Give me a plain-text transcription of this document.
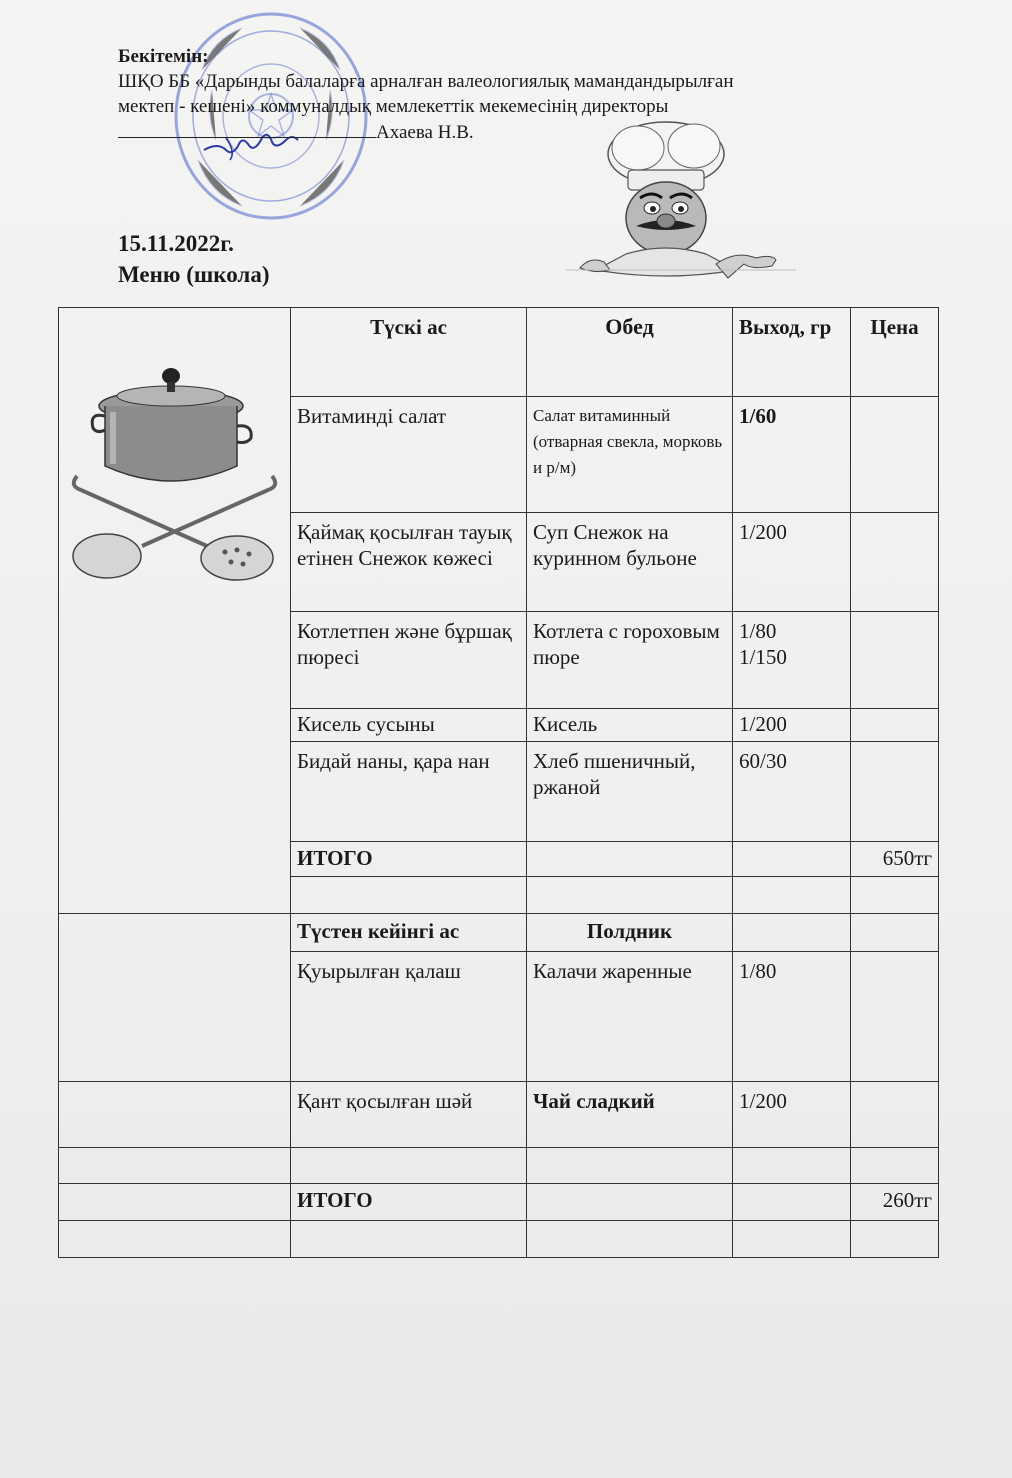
Бекітемін:
ШҚО ББ «Дарынды балаларға арналған валеологиялық мамандандырылған
мектеп - кешені» коммуналдық мемлекеттік мекемесінің директоры
Ахаева Н.В.
15.11.2022г.
Меню (школа)
	Түскі ас	Обед	Выход, гр	Цена
	Витаминді салат	Салат витаминный (отварная свекла, морковь и р/м)	1/60	
	Қаймақ қосылған тауық етінен Снежок көжесі	Суп Снежок на куринном бульоне	1/200	
	Котлетпен және бұршақ пюресі	Котлета с гороховым пюре	1/80
1/150	

	Кисель сусыны	Кисель	1/200	
	Бидай наны, қара нан	Хлеб пшеничный, ржаной	60/30	
	ИТОГО			650тг

	Түстен кейінгі ас	Полдник		
	Қуырылған қалаш	Калачи жаренные	1/80	
	Қант қосылған шәй	Чай сладкий	1/200	

	ИТОГО			260тг
